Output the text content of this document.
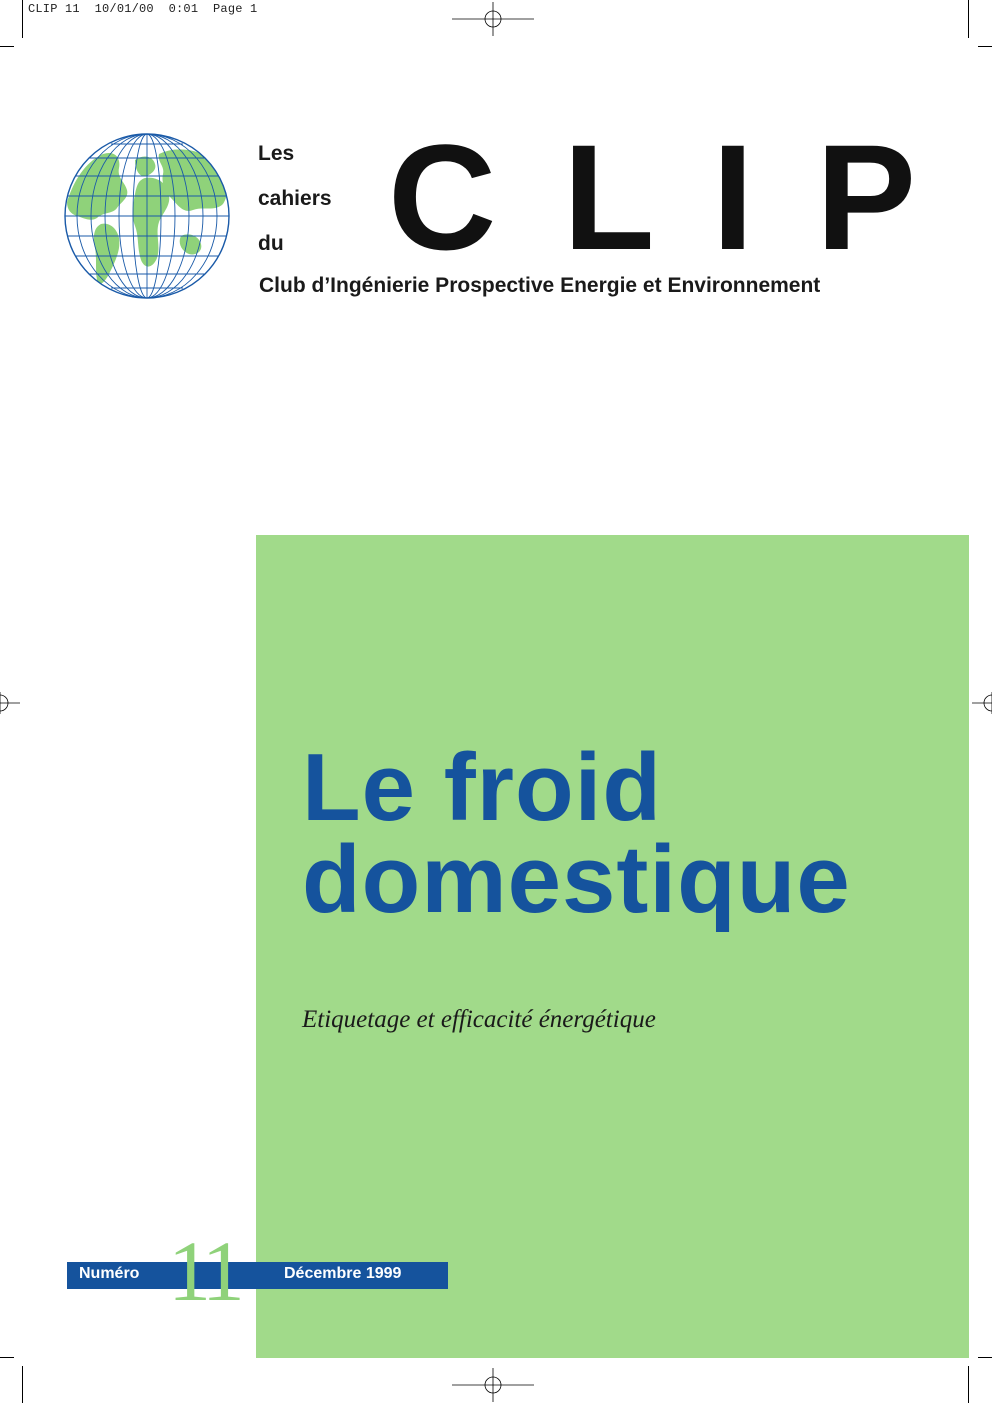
CLIP 11  10/01/00  0:01  Page 1
Les
cahiers
du C L I P
Club d’Ingénierie Prospective Energie et Environnement
Le froid
domestique
Etiquetage et efficacité énergétique
Numéro	Décembre 1999
11
